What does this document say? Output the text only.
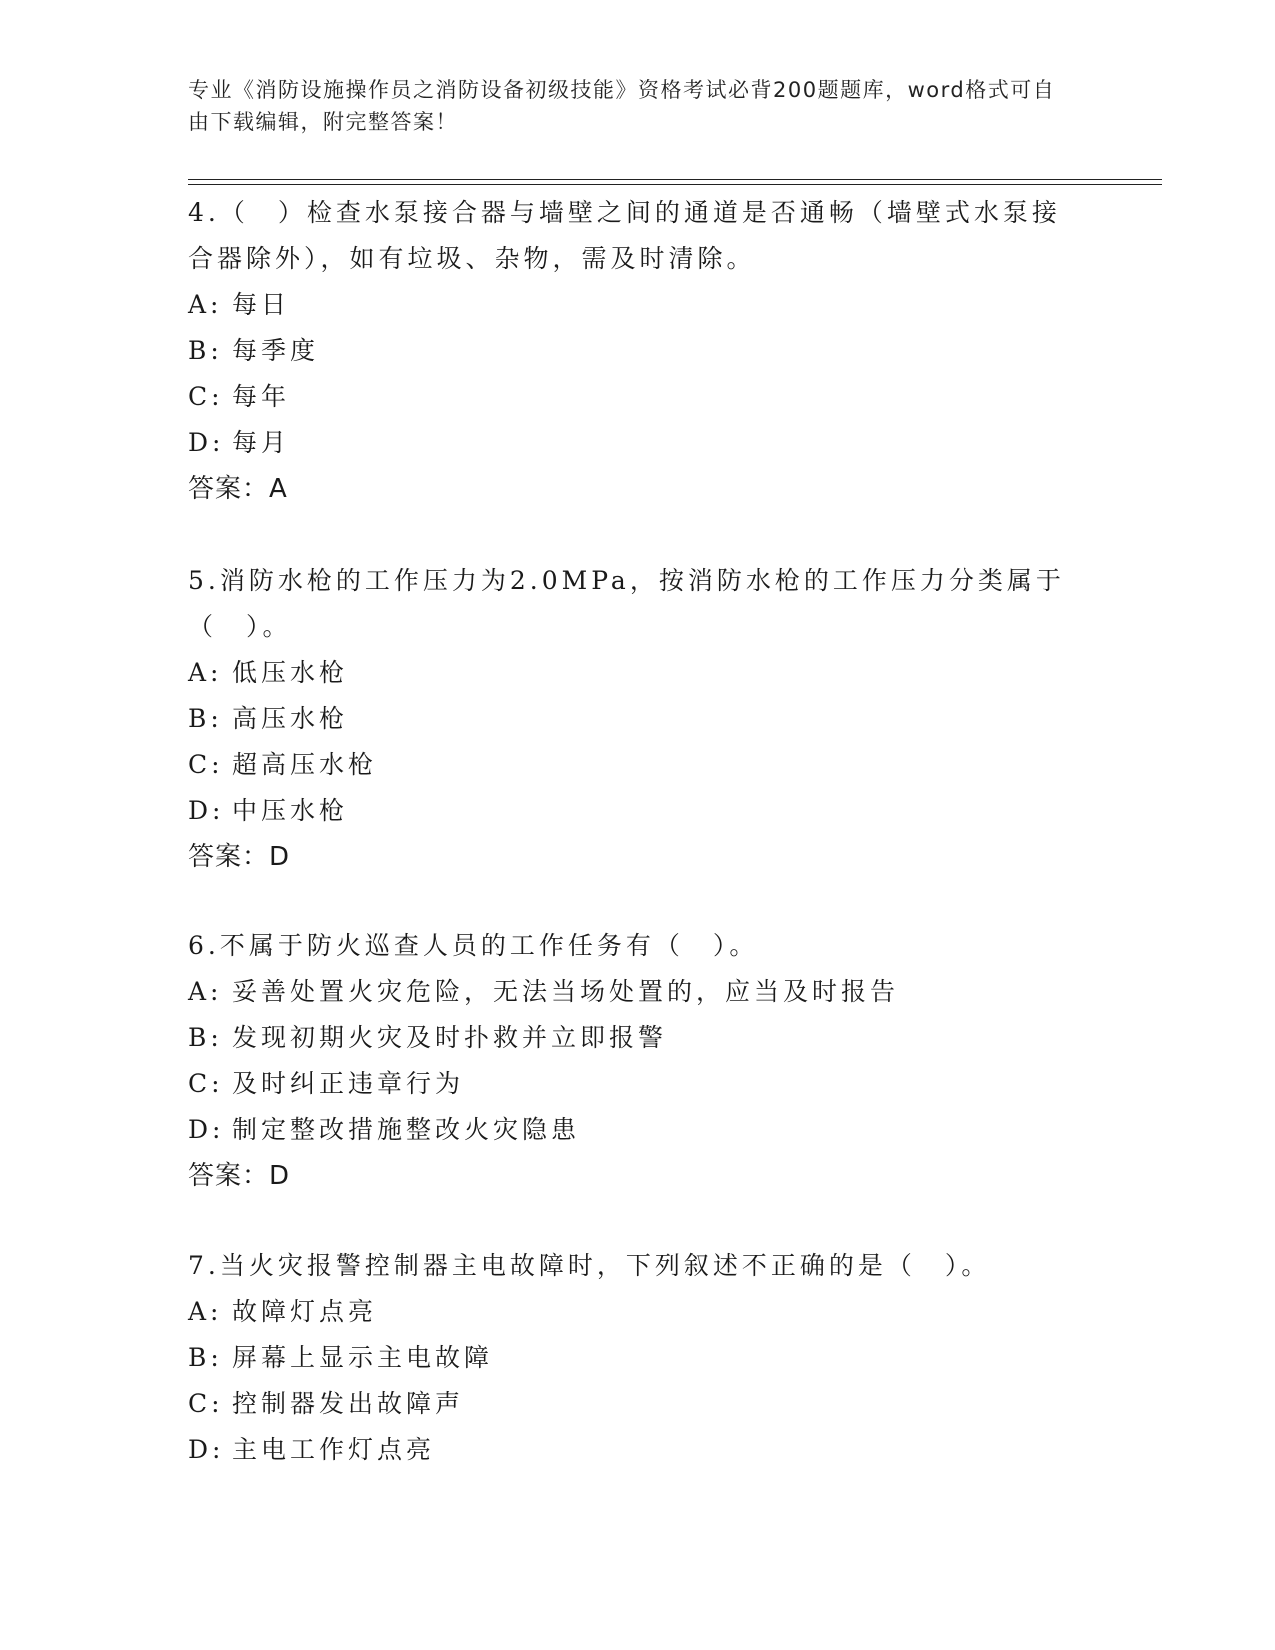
专业《消防设施操作员之消防设备初级技能》资格考试必背200题题库，word格式可自由下载编辑，附完整答案！

4.（　）检查水泵接合器与墙壁之间的通道是否通畅（墙壁式水泵接合器除外），如有垃圾、杂物，需及时清除。

A: 每日

B: 每季度

C: 每年

D: 每月

答案：A

5.消防水枪的工作压力为2.0MPa，按消防水枪的工作压力分类属于（　）。

A: 低压水枪

B: 高压水枪

C: 超高压水枪

D: 中压水枪

答案：D

6.不属于防火巡查人员的工作任务有（　）。

A: 妥善处置火灾危险，无法当场处置的，应当及时报告

B: 发现初期火灾及时扑救并立即报警

C: 及时纠正违章行为

D: 制定整改措施整改火灾隐患

答案：D

7.当火灾报警控制器主电故障时，下列叙述不正确的是（　）。

A: 故障灯点亮

B: 屏幕上显示主电故障

C: 控制器发出故障声

D: 主电工作灯点亮
